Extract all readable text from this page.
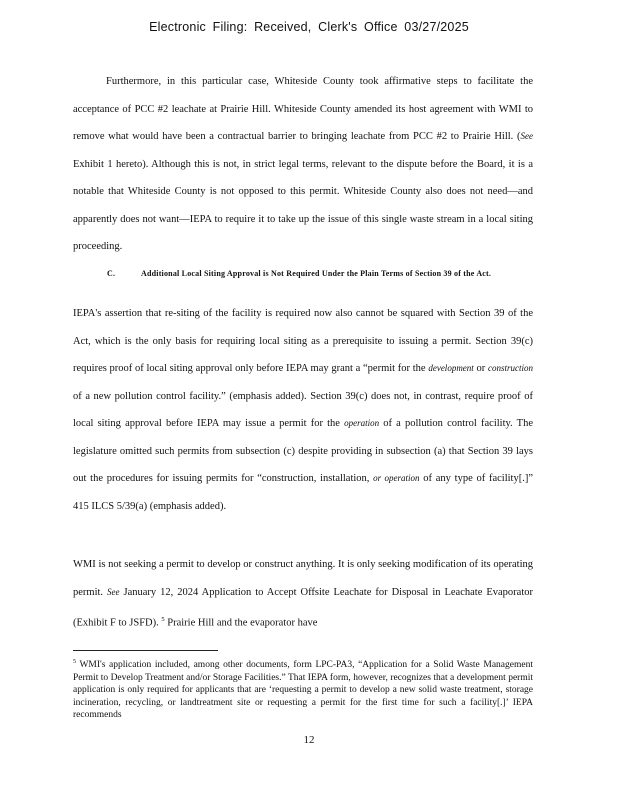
Electronic Filing: Received, Clerk's Office 03/27/2025

Furthermore, in this particular case, Whiteside County took affirmative steps to facilitate the acceptance of PCC #2 leachate at Prairie Hill. Whiteside County amended its host agreement with WMI to remove what would have been a contractual barrier to bringing leachate from PCC #2 to Prairie Hill. (See Exhibit 1 hereto). Although this is not, in strict legal terms, relevant to the dispute before the Board, it is a notable that Whiteside County is not opposed to this permit. Whiteside County also does not need—and apparently does not want—IEPA to require it to take up the issue of this single waste stream in a local siting proceeding.

C.	Additional Local Siting Approval is Not Required Under the Plain Terms of Section 39 of the Act.

IEPA's assertion that re-siting of the facility is required now also cannot be squared with Section 39 of the Act, which is the only basis for requiring local siting as a prerequisite to issuing a permit. Section 39(c) requires proof of local siting approval only before IEPA may grant a “permit for the development or construction of a new pollution control facility.” (emphasis added). Section 39(c) does not, in contrast, require proof of local siting approval before IEPA may issue a permit for the operation of a pollution control facility. The legislature omitted such permits from subsection (c) despite providing in subsection (a) that Section 39 lays out the procedures for issuing permits for “construction, installation, or operation of any type of facility[.]” 415 ILCS 5/39(a) (emphasis added).

WMI is not seeking a permit to develop or construct anything. It is only seeking modification of its operating permit. See January 12, 2024 Application to Accept Offsite Leachate for Disposal in Leachate Evaporator (Exhibit F to JSFD). $^5$ Prairie Hill and the evaporator have

$^5$ WMI's application included, among other documents, form LPC-PA3, “Application for a Solid Waste Management Permit to Develop Treatment and/or Storage Facilities.” That IEPA form, however, recognizes that a development permit application is only required for applicants that are ‘requesting a permit to develop a new solid waste treatment, storage incineration, recycling, or landtreatment site or requesting a permit for the first time for such a facility[.]’ IEPA recommends

12
